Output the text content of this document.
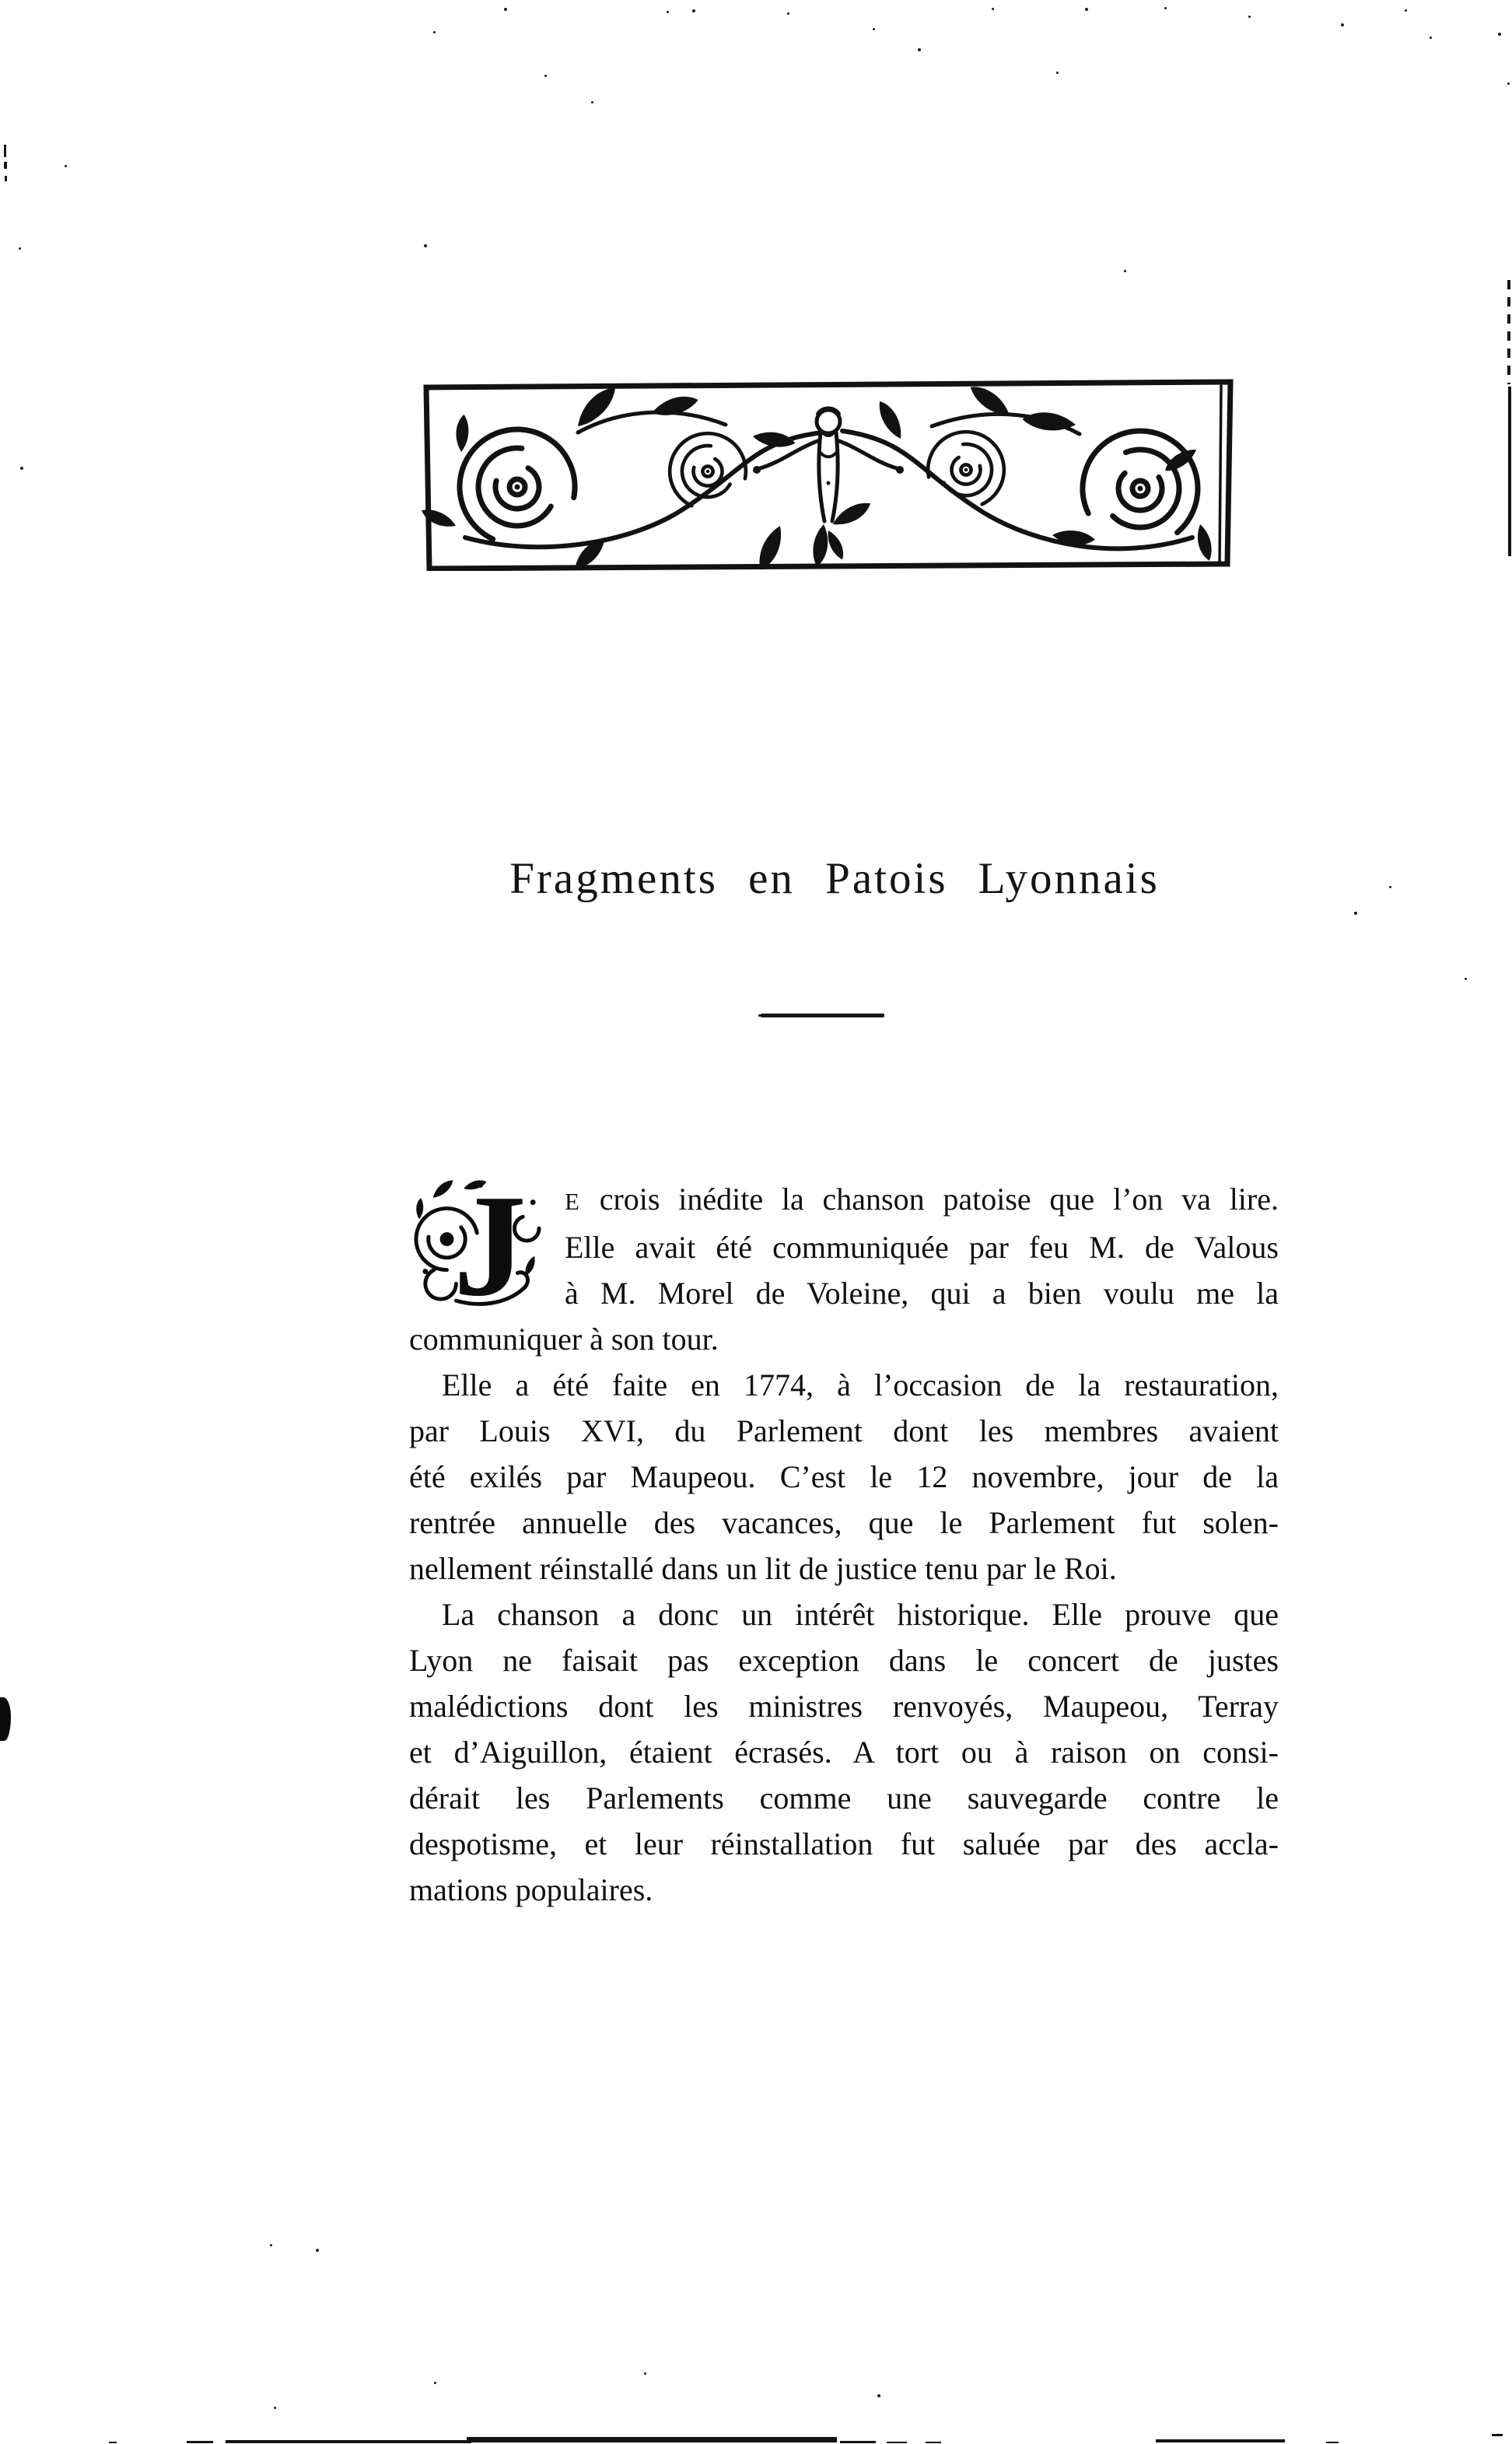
Fragments en Patois Lyonnais
J	E crois inédite la chanson patoise que l’on va lire.
Elle avait été communiquée par feu M. de Valous
à M. Morel de Voleine, qui a bien voulu me la
communiquer à son tour.
Elle a été faite en 1774, à l’occasion de la restauration,
par Louis XVI, du Parlement dont les membres avaient
été exilés par Maupeou. C’est le 12 novembre, jour de la
rentrée annuelle des vacances, que le Parlement fut solen-
nellement réinstallé dans un lit de justice tenu par le Roi.
La chanson a donc un intérêt historique. Elle prouve que
Lyon ne faisait pas exception dans le concert de justes
malédictions dont les ministres renvoyés, Maupeou, Terray
et d’Aiguillon, étaient écrasés. A tort ou à raison on consi-
dérait les Parlements comme une sauvegarde contre le
despotisme, et leur réinstallation fut saluée par des accla-
mations populaires.
